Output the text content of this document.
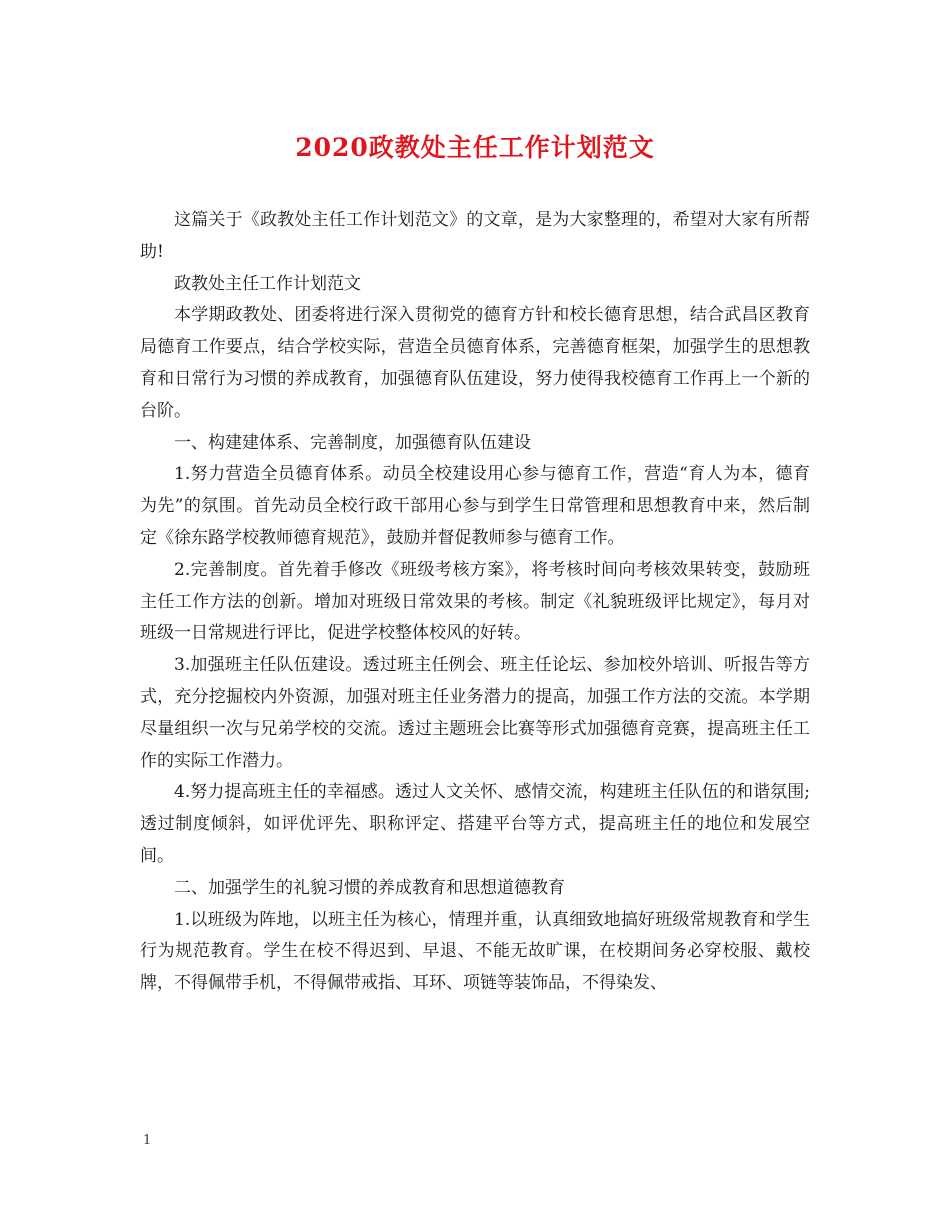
2020政教处主任工作计划范文

这篇关于《政教处主任工作计划范文》的文章，是为大家整理的，希望对大家有所帮助!

政教处主任工作计划范文

本学期政教处、团委将进行深入贯彻党的德育方针和校长德育思想，结合武昌区教育局德育工作要点，结合学校实际，营造全员德育体系，完善德育框架，加强学生的思想教育和日常行为习惯的养成教育，加强德育队伍建设，努力使得我校德育工作再上一个新的台阶。

一、构建建体系、完善制度，加强德育队伍建设

1.努力营造全员德育体系。动员全校建设用心参与德育工作，营造“育人为本，德育为先”的氛围。首先动员全校行政干部用心参与到学生日常管理和思想教育中来，然后制定《徐东路学校教师德育规范》，鼓励并督促教师参与德育工作。

2.完善制度。首先着手修改《班级考核方案》，将考核时间向考核效果转变，鼓励班主任工作方法的创新。增加对班级日常效果的考核。制定《礼貌班级评比规定》，每月对班级一日常规进行评比，促进学校整体校风的好转。

3.加强班主任队伍建设。透过班主任例会、班主任论坛、参加校外培训、听报告等方式，充分挖掘校内外资源，加强对班主任业务潜力的提高，加强工作方法的交流。本学期尽量组织一次与兄弟学校的交流。透过主题班会比赛等形式加强德育竞赛，提高班主任工作的实际工作潜力。

4.努力提高班主任的幸福感。透过人文关怀、感情交流，构建班主任队伍的和谐氛围;透过制度倾斜，如评优评先、职称评定、搭建平台等方式，提高班主任的地位和发展空间。

二、加强学生的礼貌习惯的养成教育和思想道德教育

1.以班级为阵地，以班主任为核心，情理并重，认真细致地搞好班级常规教育和学生行为规范教育。学生在校不得迟到、早退、不能无故旷课，在校期间务必穿校服、戴校牌，不得佩带手机，不得佩带戒指、耳环、项链等装饰品，不得染发、

1
